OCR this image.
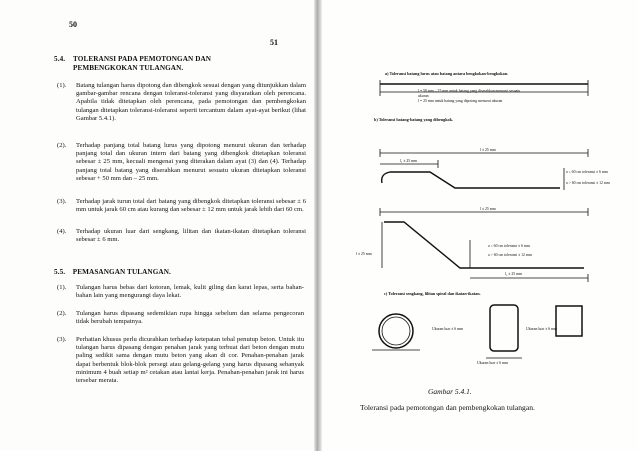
50
5.4.	TOLERANSI PADA PEMOTONGAN DAN PEMBENGKOKAN TULANGAN.
(1). Batang tulangan harus dipotong dan dibengkok sesuai dengan yang ditunjukkan dalam gambar-gambar rencana dengan toleransi-toleransi yang disyaratkan oleh perencana. Apabila tidak ditetapkan oleh perencana, pada pemotongan dan pembengkokan tulangan ditetapkan toleransi-toleransi seperti tercantum dalam ayat-ayat berikut (lihat Gambar 5.4.1).
(2). Terhadap panjang total batang lurus yang dipotong menurut ukuran dan terhadap panjang total dan ukuran intern dari batang yang dibengkok ditetapkan toleransi sebesar ± 25 mm, kecuali mengenai yang diterakan dalam ayat (3) dan (4). Terhadap panjang total batang yang diserahkan menurut sesuatu ukuran ditetapkan toleransi sebesar + 50 mm dan – 25 mm.
(3). Terhadap jarak turun total dari batang yang dibengkok ditetapkan toleransi sebesar ± 6 mm untuk jarak 60 cm atau kurang dan sebesar ± 12 mm untuk jarak lebih dari 60 cm.
(4). Terhadap ukuran luar dari sengkang, lilitan dan ikatan-ikatan ditetapkan toleransi sebesar ± 6 mm.
5.5. PEMASANGAN TULANGAN.
(1). Tulangan harus bebas dari kotoran, lemak, kulit giling dan karat lepas, serta bahan-bahan lain yang mengurangi daya lekat.
(2). Tulangan harus dipasang sedemikian rupa hingga sebelum dan selama pengecoran tidak berubah tempatnya.
(3). Perhatian khusus perlu dicurahkan terhadap ketepatan tebal penutup beton. Untuk itu tulangan harus dipasang dengan penahan jarak yang terbuat dari beton dengan mutu paling sedikit sama dengan mutu beton yang akan di cor. Penahan-penahan jarak dapat berbentuk blok-blok persegi atau gelang-gelang yang harus dipasang sebanyak minimum 4 buah setiap m² cetakan atau lantai kerja. Penahan-penahan jarak ini harus tersebar merata.
51
a) Toleransi batang lurus atau batang antara bengkokan-bengkokan.
l = 50 mm – 25 mm untuk batang yang diserahkan menurut sesuatu ukuran
l = 25 mm untuk batang yang dipotong menurut ukuran
b) Toleransi batang-batang yang dibengkok.
l ± 25 mm
l₁ ± 25 mm
a ≤ 60 cm toleransi ± 6 mm
a > 60 cm toleransi ± 12 mm
l ± 25 mm
l ± 25 mm
a ≤ 60 cm toleransi ± 6 mm
a > 60 cm toleransi ± 12 mm
l₂ ± 25 mm
c) Toleransi sengkang, lilitan spiral dan ikatan-ikatan.
Ukuran luar ± 6 mm	Ukuran luar ± 6 mm
Ukuran luar ± 6 mm
Gambar 5.4.1.
Toleransi pada pemotongan dan pembengkokan tulangan.
